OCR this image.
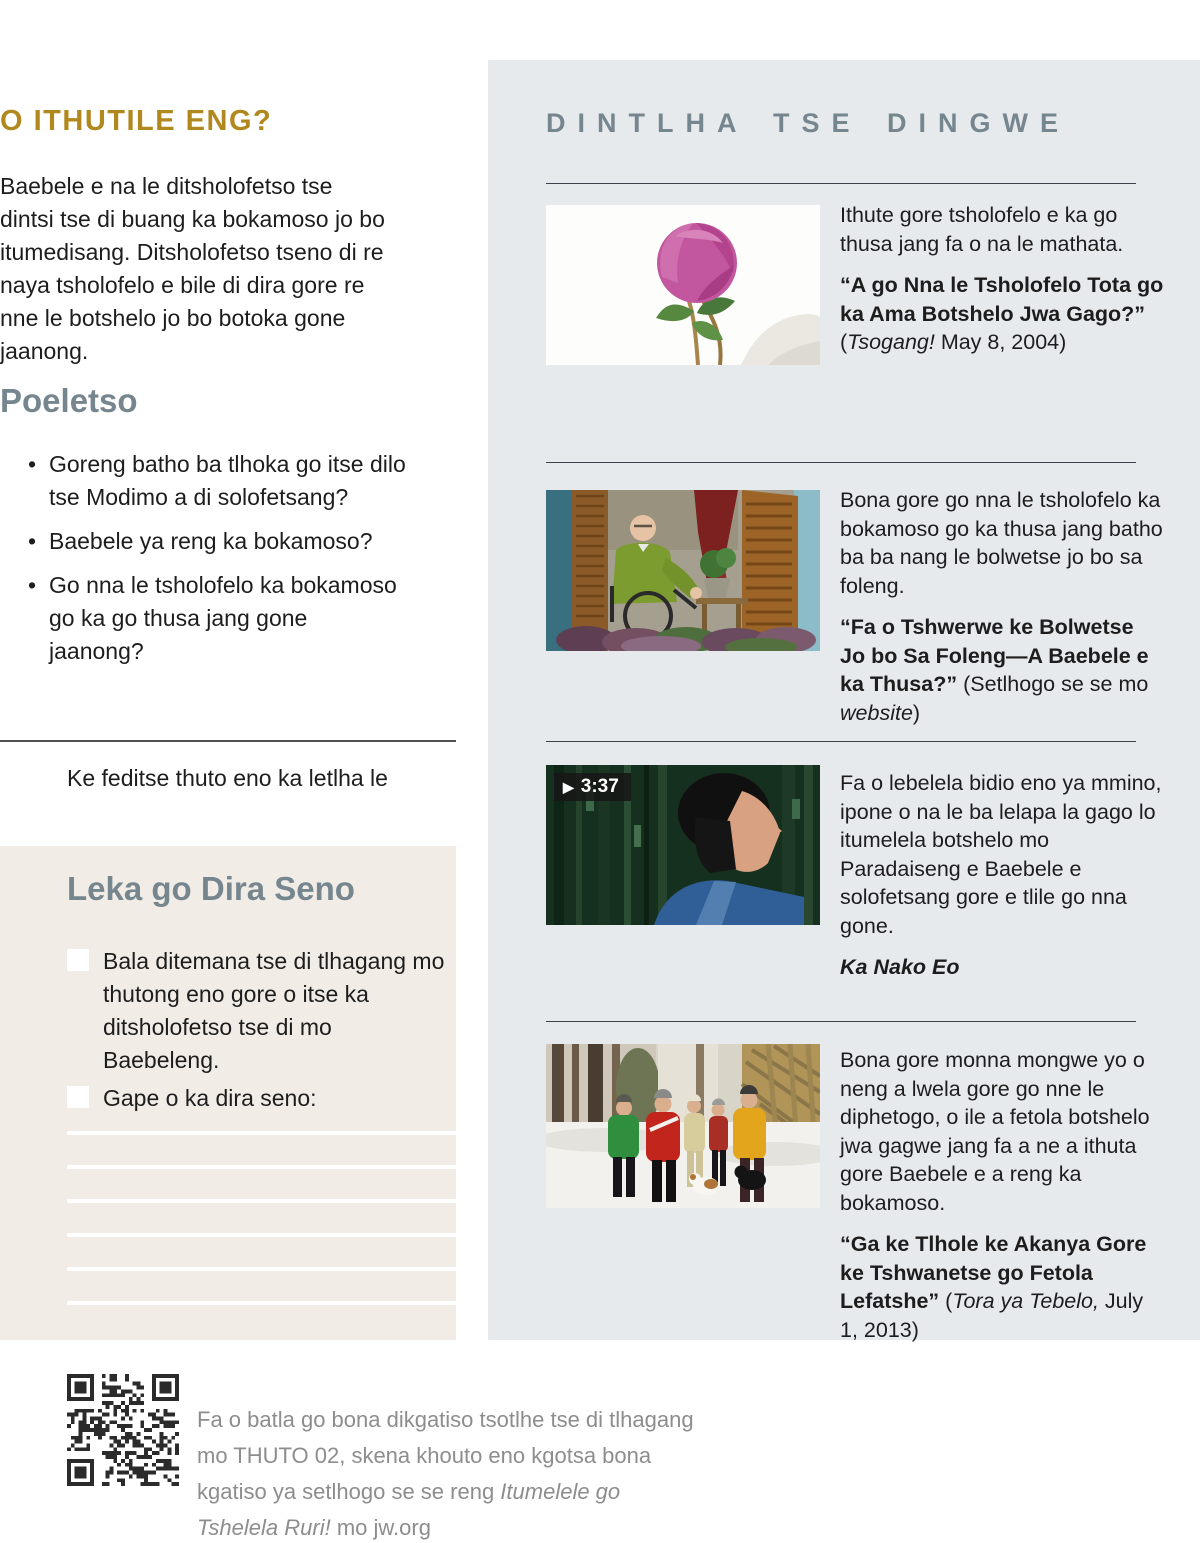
O ITHUTILE ENG?

Baebele e na le ditsholofetso tse dintsi tse di buang ka bokamoso jo bo itumedisang. Ditsholofetso tseno di re naya tsholofelo e bile di dira gore re nne le botshelo jo bo botoka gone jaanong.

Poeletso
• Goreng batho ba tlhoka go itse dilo tse Modimo a di solofetsang?
• Baebele ya reng ka bokamoso?
• Go nna le tsholofelo ka bokamoso go ka go thusa jang gone jaanong?

Ke feditse thuto eno ka letlha le

Leka go Dira Seno
Bala ditemana tse di tlhagang mo thutong eno gore o itse ka ditsholofetso tse di mo Baebeleng.
Gape o ka dira seno:
DINTLHA TSE DINGWE

Ithute gore tsholofelo e ka go thusa jang fa o na le mathata.

“A go Nna le Tsholofelo Tota go ka Ama Botshelo Jwa Gago?” (Tsogang! May 8, 2004)

Bona gore go nna le tsholofelo ka bokamoso go ka thusa jang batho ba ba nang le bolwetse jo bo sa foleng.

“Fa o Tshwerwe ke Bolwetse Jo bo Sa Foleng—A Baebele e ka Thusa?” (Setlhogo se se mo website)

▶ 3:37	Fa o lebelela bidio eno ya mmino, ipone o na le ba lelapa la gago lo itumelela botshelo mo Paradaiseng e Baebele e solofetsang gore e tlile go nna gone.

Ka Nako Eo

Bona gore monna mongwe yo o neng a lwela gore go nne le diphetogo, o ile a fetola botshelo jwa gagwe jang fa a ne a ithuta gore Baebele e a reng ka bokamoso.

“Ga ke Tlhole ke Akanya Gore ke Tshwanetse go Fetola Lefatshe” (Tora ya Tebelo, July 1, 2013)

Fa o batla go bona dikgatiso tsotlhe tse di tlhagang mo THUTO 02, skena khouto eno kgotsa bona kgatiso ya setlhogo se se reng Itumelele go Tshelela Ruri! mo jw.org
